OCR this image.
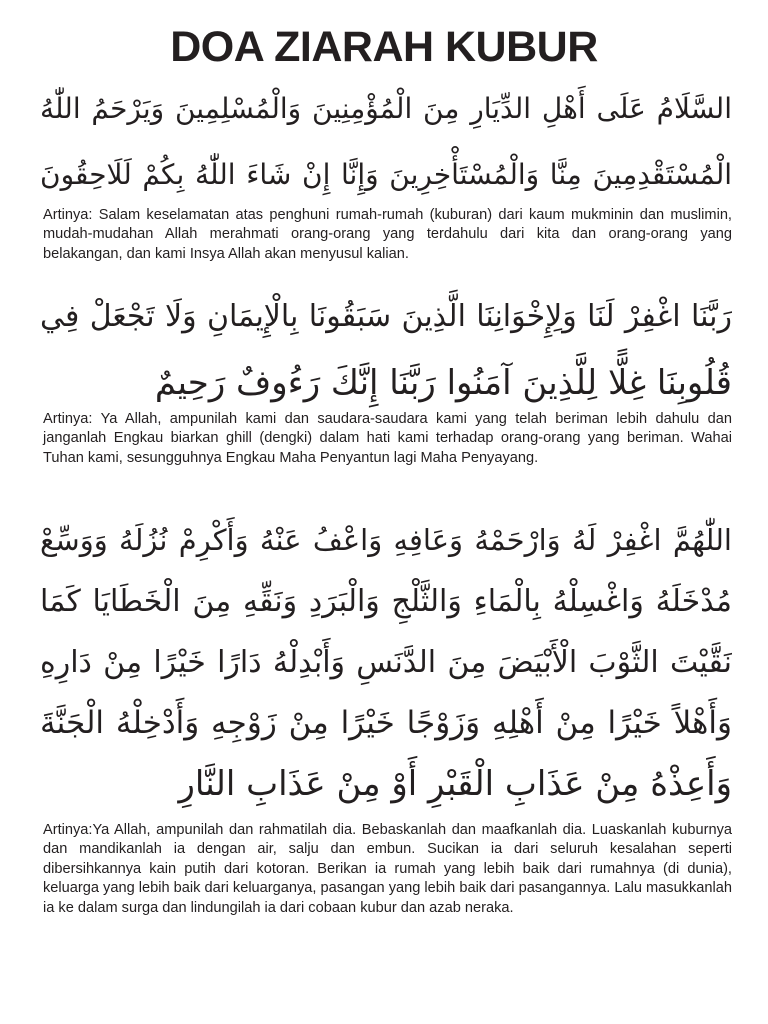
DOA ZIARAH KUBUR
السَّلَامُ عَلَى أَهْلِ الدِّيَارِ مِنَ الْمُؤْمِنِينَ وَالْمُسْلِمِينَ وَيَرْحَمُ اللّٰهُ
الْمُسْتَقْدِمِينَ مِنَّا وَالْمُسْتَأْخِرِينَ وَإِنَّا إِنْ شَاءَ اللّٰهُ بِكُمْ لَلَاحِقُونَ
Artinya: Salam keselamatan atas penghuni rumah-rumah (kuburan) dari kaum mukminin dan muslimin, mudah-mudahan Allah merahmati orang-orang yang terdahulu dari kita dan orang-orang yang belakangan, dan kami Insya Allah akan menyusul kalian.
رَبَّنَا اغْفِرْ لَنَا وَلِإِخْوَانِنَا الَّذِينَ سَبَقُونَا بِالْإِيمَانِ وَلَا تَجْعَلْ فِي
قُلُوبِنَا غِلًّا لِلَّذِينَ آمَنُوا رَبَّنَا إِنَّكَ رَءُوفٌ رَحِيمٌ
Artinya: Ya Allah, ampunilah kami dan saudara-saudara kami yang telah beriman lebih dahulu dan janganlah Engkau biarkan ghill (dengki) dalam hati kami terhadap orang-orang yang beriman. Wahai Tuhan kami, sesungguhnya Engkau Maha Penyantun lagi Maha Penyayang.
اللّٰهُمَّ اغْفِرْ لَهُ وَارْحَمْهُ وَعَافِهِ وَاعْفُ عَنْهُ وَأَكْرِمْ نُزُلَهُ وَوَسِّعْ
مُدْخَلَهُ وَاغْسِلْهُ بِالْمَاءِ وَالثَّلْجِ وَالْبَرَدِ وَنَقِّهِ مِنَ الْخَطَايَا كَمَا
نَقَّيْتَ الثَّوْبَ الْأَبْيَضَ مِنَ الدَّنَسِ وَأَبْدِلْهُ دَارًا خَيْرًا مِنْ دَارِهِ
وَأَهْلاً خَيْرًا مِنْ أَهْلِهِ وَزَوْجًا خَيْرًا مِنْ زَوْجِهِ وَأَدْخِلْهُ الْجَنَّةَ
وَأَعِذْهُ مِنْ عَذَابِ الْقَبْرِ أَوْ مِنْ عَذَابِ النَّارِ
Artinya:Ya Allah, ampunilah dan rahmatilah dia. Bebaskanlah dan maafkanlah dia. Luaskanlah kuburnya dan mandikanlah ia dengan air, salju dan embun. Sucikan ia dari seluruh kesalahan seperti dibersihkannya kain putih dari kotoran. Berikan ia rumah yang lebih baik dari rumahnya (di dunia), keluarga yang lebih baik dari keluarganya, pasangan yang lebih baik dari pasangannya. Lalu masukkanlah ia ke dalam surga dan lindungilah ia dari cobaan kubur dan azab neraka.
